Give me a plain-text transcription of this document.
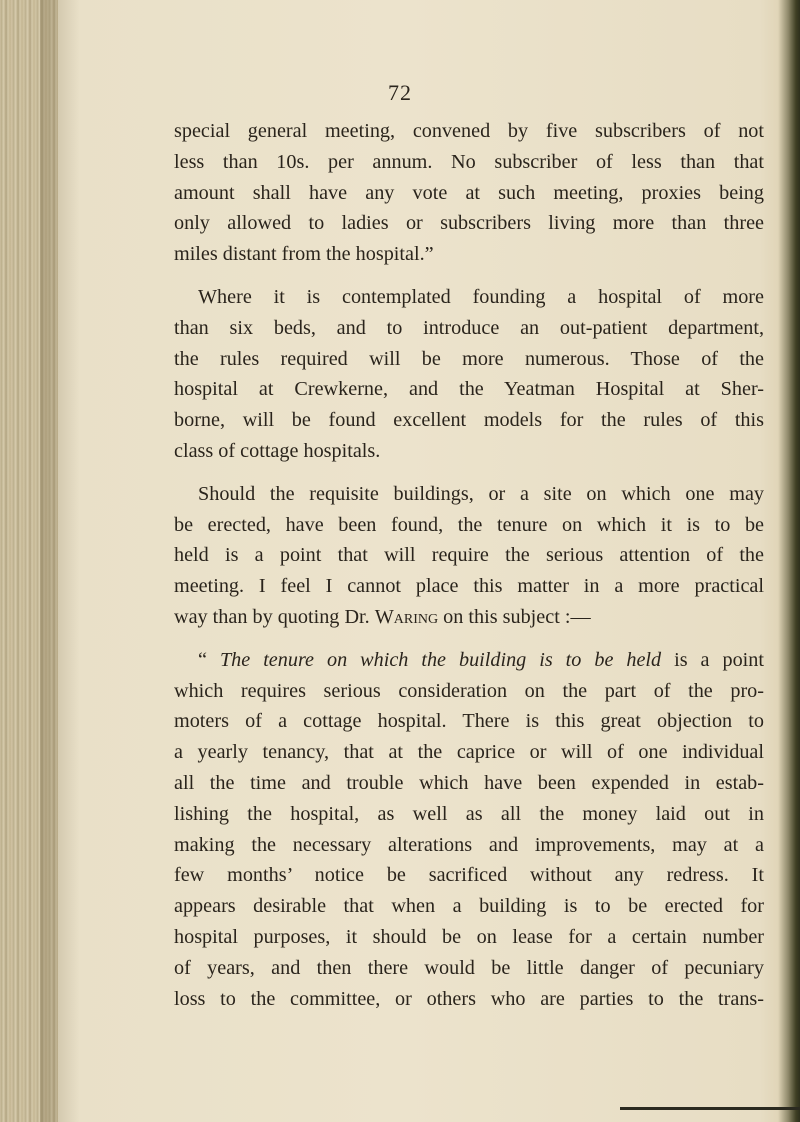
72
special general meeting, convened by five subscribers of not
less than 10s. per annum. No subscriber of less than that
amount shall have any vote at such meeting, proxies being
only allowed to ladies or subscribers living more than three
miles distant from the hospital.”
Where it is contemplated founding a hospital of more
than six beds, and to introduce an out-patient department,
the rules required will be more numerous. Those of the
hospital at Crewkerne, and the Yeatman Hospital at Sher-
borne, will be found excellent models for the rules of this
class of cottage hospitals.
Should the requisite buildings, or a site on which one may
be erected, have been found, the tenure on which it is to be
held is a point that will require the serious attention of the
meeting. I feel I cannot place this matter in a more practical
way than by quoting Dr. Waring on this subject :—
“ The tenure on which the building is to be held is a point
which requires serious consideration on the part of the pro-
moters of a cottage hospital. There is this great objection to
a yearly tenancy, that at the caprice or will of one individual
all the time and trouble which have been expended in estab-
lishing the hospital, as well as all the money laid out in
making the necessary alterations and improvements, may at a
few months’ notice be sacrificed without any redress. It
appears desirable that when a building is to be erected for
hospital purposes, it should be on lease for a certain number
of years, and then there would be little danger of pecuniary
loss to the committee, or others who are parties to the trans-
